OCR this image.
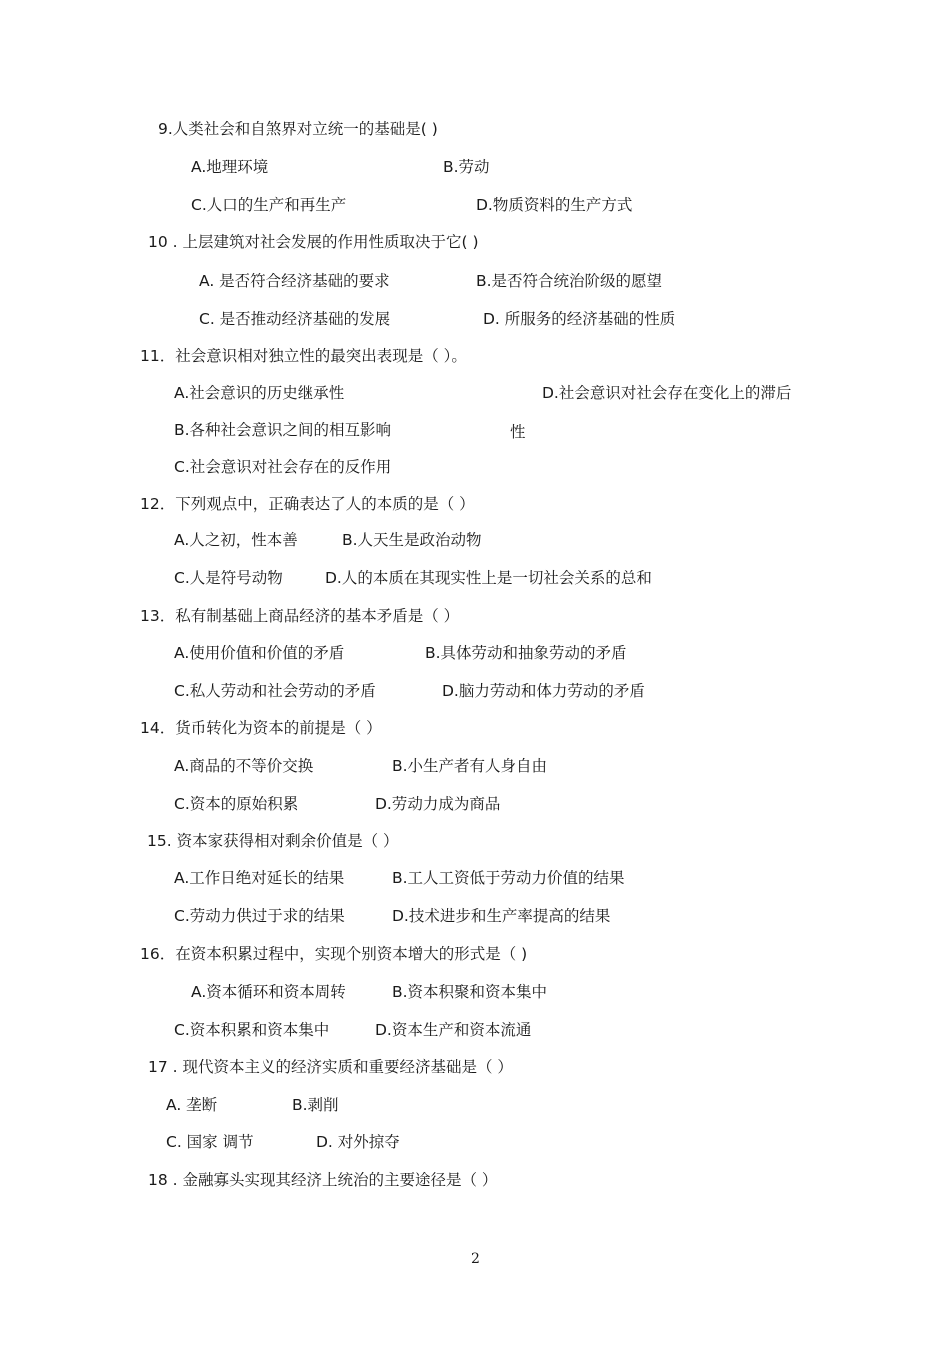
9.人类社会和自煞界对立统一的基础是( )
A.地理环境	B.劳动
C.人口的生产和再生产	D.物质资料的生产方式
10 . 上层建筑对社会发展的作用性质取决于它( )
A. 是否符合经济基础的要求	B.是否符合统治阶级的愿望
C. 是否推动经济基础的发展	D. 所服务的经济基础的性质
11．社会意识相对独立性的最突出表现是（ ）。
A.社会意识的历史继承性	D.社会意识对社会存在变化上的滞后
B.各种社会意识之间的相互影响	性
C.社会意识对社会存在的反作用
12．下列观点中，正确表达了人的本质的是（ ）
A.人之初，性本善	B.人天生是政治动物
C.人是符号动物	D.人的本质在其现实性上是一切社会关系的总和
13．私有制基础上商品经济的基本矛盾是（ ）
A.使用价值和价值的矛盾	B.具体劳动和抽象劳动的矛盾
C.私人劳动和社会劳动的矛盾	D.脑力劳动和体力劳动的矛盾
14．货币转化为资本的前提是（ ）
A.商品的不等价交换	B.小生产者有人身自由
C.资本的原始积累	D.劳动力成为商品
15. 资本家获得相对剩余价值是（ ）
A.工作日绝对延长的结果	B.工人工资低于劳动力价值的结果
C.劳动力供过于求的结果	D.技术进步和生产率提高的结果
16．在资本积累过程中，实现个别资本增大的形式是（ )
A.资本循环和资本周转	B.资本积聚和资本集中
C.资本积累和资本集中	D.资本生产和资本流通
17 . 现代资本主义的经济实质和重要经济基础是（ ）
A. 垄断	B.剥削
C. 国家 调节	D. 对外掠夺
18 . 金融寡头实现其经济上统治的主要途径是（ ）
2
